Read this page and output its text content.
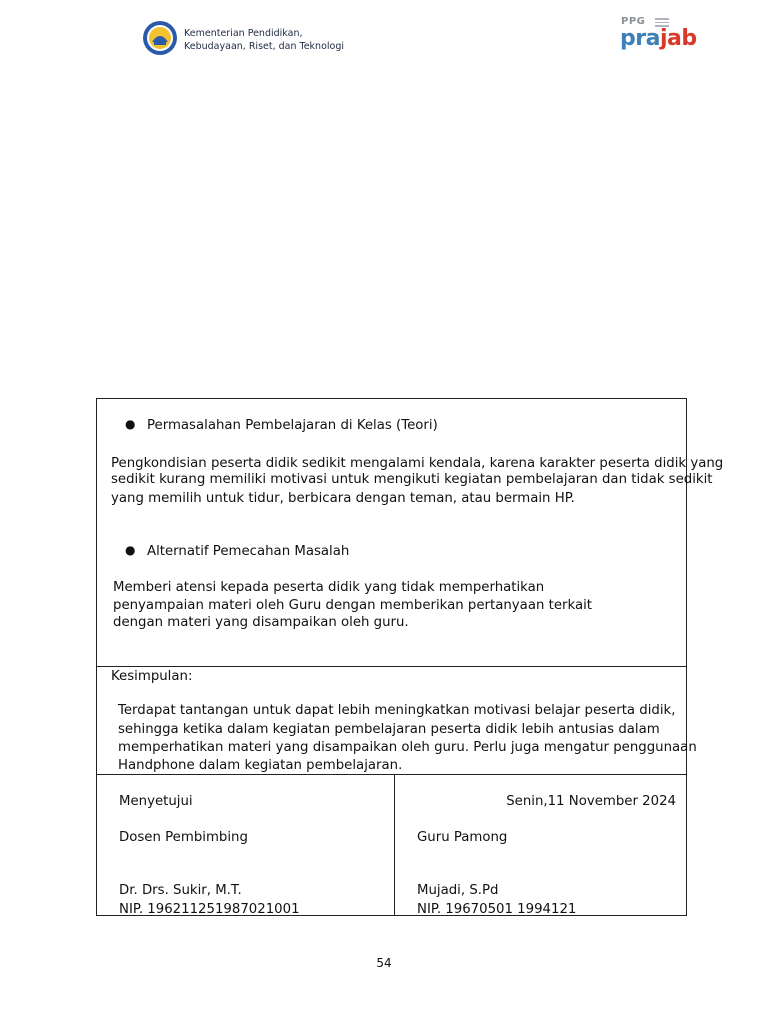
Kementerian Pendidikan,
Kebudayaan, Riset, dan Teknologi
PPG
prajab
● Permasalahan Pembelajaran di Kelas (Teori)
Pengkondisian peserta didik sedikit mengalami kendala, karena karakter peserta didik yang
sedikit kurang memiliki motivasi untuk mengikuti kegiatan pembelajaran dan tidak sedikit
yang memilih untuk tidur, berbicara dengan teman, atau bermain HP.
● Alternatif Pemecahan Masalah
Memberi atensi kepada peserta didik yang tidak memperhatikan
penyampaian materi oleh Guru dengan memberikan pertanyaan terkait
dengan materi yang disampaikan oleh guru.
Kesimpulan:
Terdapat tantangan untuk dapat lebih meningkatkan motivasi belajar peserta didik,
sehingga ketika dalam kegiatan pembelajaran peserta didik lebih antusias dalam
memperhatikan materi yang disampaikan oleh guru. Perlu juga mengatur penggunaan
Handphone dalam kegiatan pembelajaran.
Menyetujui	Senin,11 November 2024
Dosen Pembimbing	Guru Pamong
Dr. Drs. Sukir, M.T.
NIP. 196211251987021001
Mujadi, S.Pd
NIP. 19670501 1994121
54
